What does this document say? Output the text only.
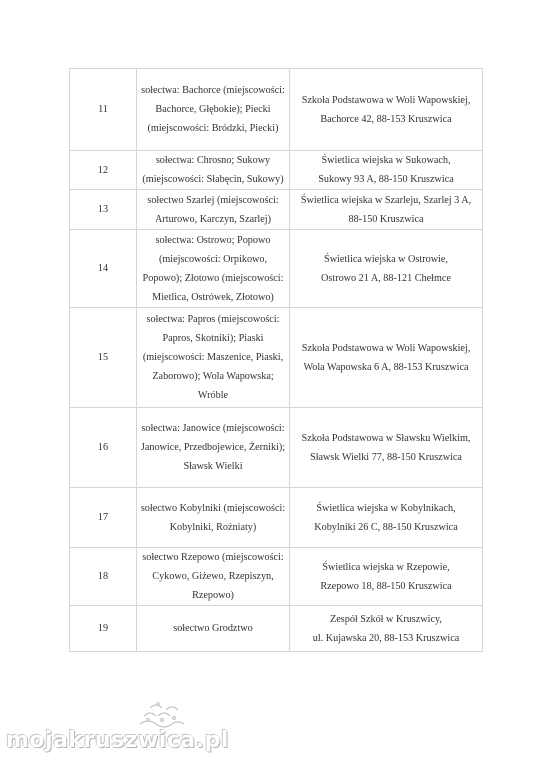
11	sołectwa: Bachorce (miejscowości: Bachorce, Głębokie); Piecki (miejscowości: Bródzki, Piecki)	Szkoła Podstawowa w Woli Wapowskiej,
Bachorce 42, 88-153 Kruszwica

12	sołectwa: Chrosno; Sukowy (miejscowości: Słabęcin, Sukowy)	Świetlica wiejska w Sukowach,
Sukowy 93 A, 88-150 Kruszwica

13	sołectwo Szarlej (miejscowości: Arturowo, Karczyn, Szarlej)	Świetlica wiejska w Szarleju, Szarlej 3 A,
88-150 Kruszwica

14	sołectwa: Ostrowo; Popowo (miejscowości: Orpikowo, Popowo); Złotowo (miejscowości: Mietlica, Ostrówek, Złotowo)	Świetlica wiejska w Ostrowie,
Ostrowo 21 A, 88-121 Chełmce

15	sołectwa: Papros (miejscowości: Papros, Skotniki); Piaski (miejscowości: Maszenice, Piaski, Zaborowo); Wola Wapowska; Wróble	Szkoła Podstawowa w Woli Wapowskiej,
Wola Wapowska 6 A, 88-153 Kruszwica

16	sołectwa: Janowice (miejscowości: Janowice, Przedbojewice, Żerniki); Sławsk Wielki	Szkoła Podstawowa w Sławsku Wielkim,
Sławsk Wielki 77, 88-150 Kruszwica

17	sołectwo Kobylniki (miejscowości: Kobylniki, Rożniaty)	Świetlica wiejska w Kobylnikach,
Kobylniki 26 C, 88-150 Kruszwica

18	sołectwo Rzepowo (miejscowości: Cykowo, Giżewo, Rzepiszyn, Rzepowo)	Świetlica wiejska w Rzepowie,
Rzepowo 18, 88-150 Kruszwica

19	sołectwo Grodztwo	Zespół Szkół w Kruszwicy,
ul. Kujawska 20, 88-153 Kruszwica
mojakruszwica.pl
